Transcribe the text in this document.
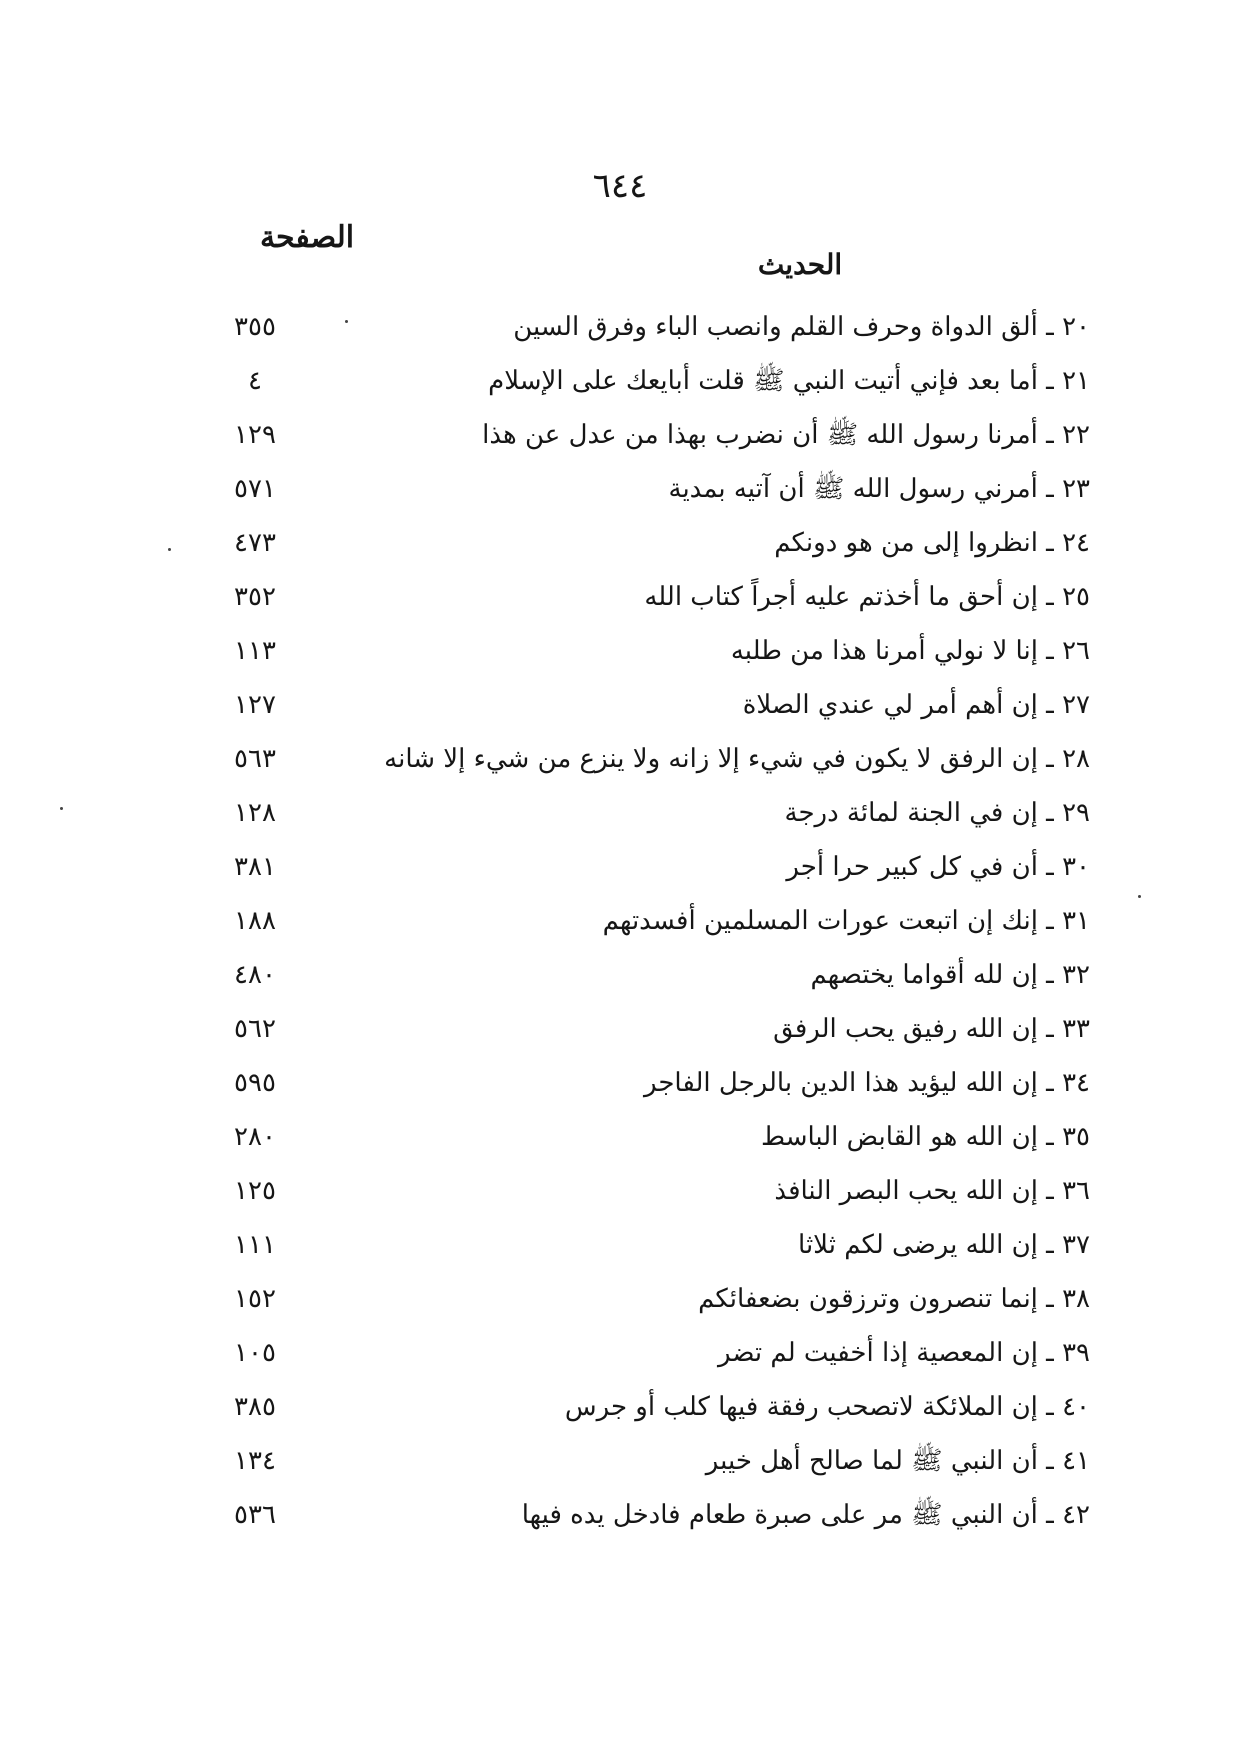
٦٤٤
الصفحة
الحديث
٣٥٥	٢٠ ـ ألق الدواة وحرف القلم وانصب الباء وفرق السين
٤	٢١ ـ أما بعد فإني أتيت النبي ﷺ قلت أبايعك على الإسلام
١٢٩	٢٢ ـ أمرنا رسول الله ﷺ أن نضرب بهذا من عدل عن هذا
٥٧١	٢٣ ـ أمرني رسول الله ﷺ أن آتيه بمدية
٤٧٣	٢٤ ـ انظروا إلى من هو دونكم
٣٥٢	٢٥ ـ إن أحق ما أخذتم عليه أجراً كتاب الله
١١٣	٢٦ ـ إنا لا نولي أمرنا هذا من طلبه
١٢٧	٢٧ ـ إن أهم أمر لي عندي الصلاة
٥٦٣	٢٨ ـ إن الرفق لا يكون في شيء إلا زانه ولا ينزع من شيء إلا شانه
١٢٨	٢٩ ـ إن في الجنة لمائة درجة
٣٨١	٣٠ ـ أن في كل كبير حرا أجر
١٨٨	٣١ ـ إنك إن اتبعت عورات المسلمين أفسدتهم
٤٨٠	٣٢ ـ إن لله أقواما يختصهم
٥٦٢	٣٣ ـ إن الله رفيق يحب الرفق
٥٩٥	٣٤ ـ إن الله ليؤيد هذا الدين بالرجل الفاجر
٢٨٠	٣٥ ـ إن الله هو القابض الباسط
١٢٥	٣٦ ـ إن الله يحب البصر النافذ
١١١	٣٧ ـ إن الله يرضى لكم ثلاثا
١٥٢	٣٨ ـ إنما تنصرون وترزقون بضعفائكم
١٠٥	٣٩ ـ إن المعصية إذا أخفيت لم تضر
٣٨٥	٤٠ ـ إن الملائكة لاتصحب رفقة فيها كلب أو جرس
١٣٤	٤١ ـ أن النبي ﷺ لما صالح أهل خيبر
٥٣٦	٤٢ ـ أن النبي ﷺ مر على صبرة طعام فادخل يده فيها
